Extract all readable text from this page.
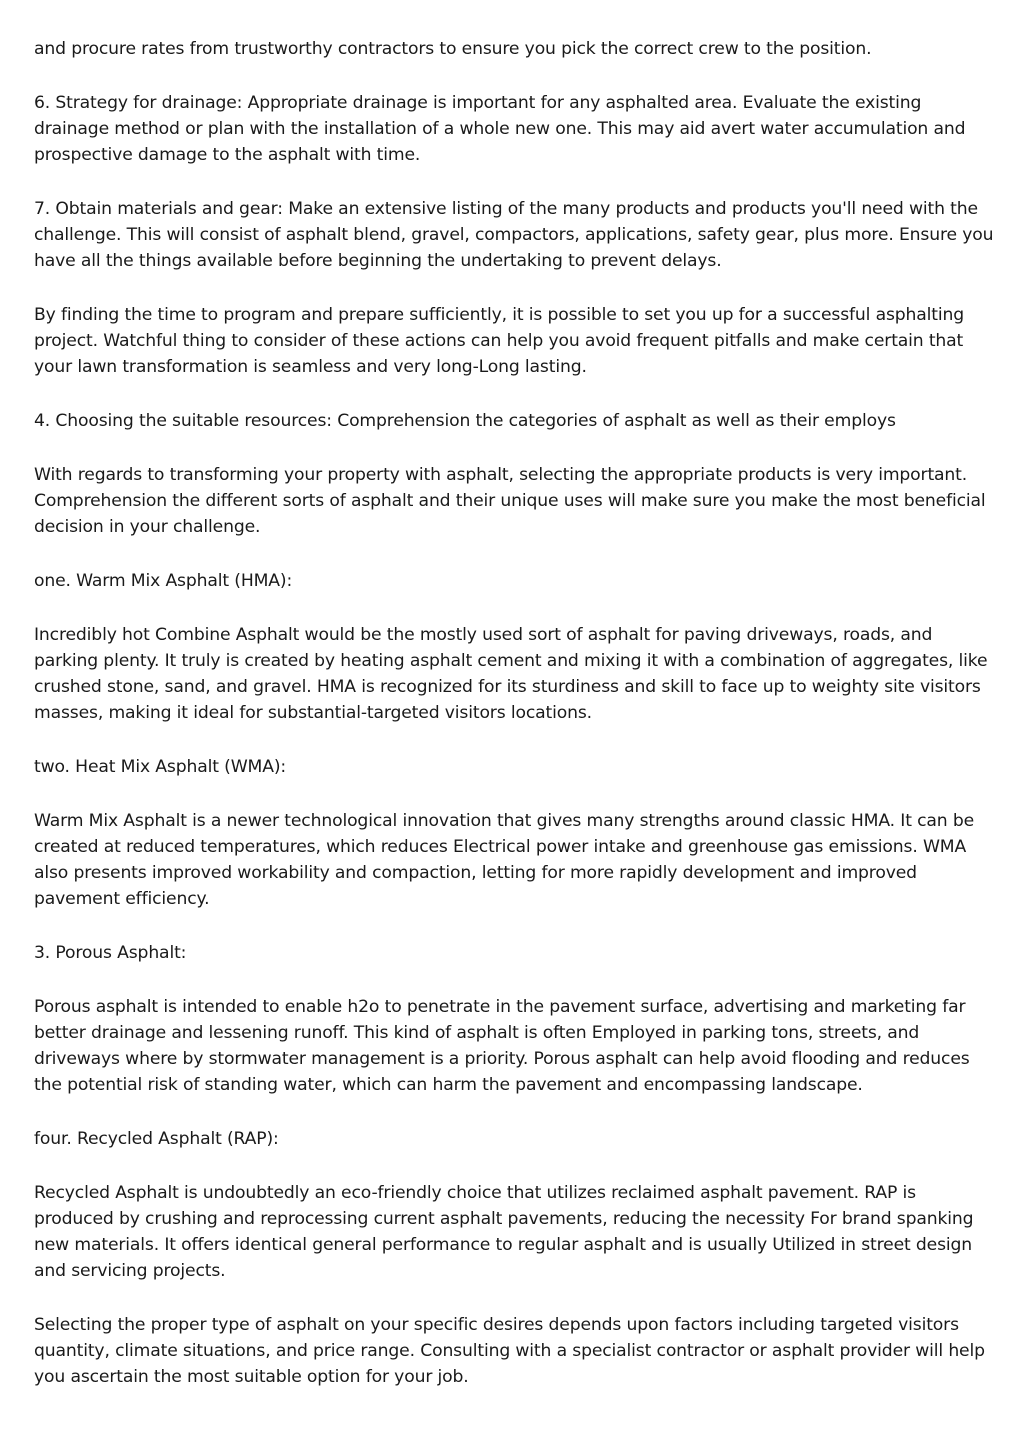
and procure rates from trustworthy contractors to ensure you pick the correct crew to the position.

6. Strategy for drainage: Appropriate drainage is important for any asphalted area. Evaluate the existing drainage method or plan with the installation of a whole new one. This may aid avert water accumulation and prospective damage to the asphalt with time.

7. Obtain materials and gear: Make an extensive listing of the many products and products you'll need with the challenge. This will consist of asphalt blend, gravel, compactors, applications, safety gear, plus more. Ensure you have all the things available before beginning the undertaking to prevent delays.

By finding the time to program and prepare sufficiently, it is possible to set you up for a successful asphalting project. Watchful thing to consider of these actions can help you avoid frequent pitfalls and make certain that your lawn transformation is seamless and very long-Long lasting.

4. Choosing the suitable resources: Comprehension the categories of asphalt as well as their employs

With regards to transforming your property with asphalt, selecting the appropriate products is very important. Comprehension the different sorts of asphalt and their unique uses will make sure you make the most beneficial decision in your challenge.

one. Warm Mix Asphalt (HMA):

Incredibly hot Combine Asphalt would be the mostly used sort of asphalt for paving driveways, roads, and parking plenty. It truly is created by heating asphalt cement and mixing it with a combination of aggregates, like crushed stone, sand, and gravel. HMA is recognized for its sturdiness and skill to face up to weighty site visitors masses, making it ideal for substantial-targeted visitors locations.

two. Heat Mix Asphalt (WMA):

Warm Mix Asphalt is a newer technological innovation that gives many strengths around classic HMA. It can be created at reduced temperatures, which reduces Electrical power intake and greenhouse gas emissions. WMA also presents improved workability and compaction, letting for more rapidly development and improved pavement efficiency.

3. Porous Asphalt:

Porous asphalt is intended to enable h2o to penetrate in the pavement surface, advertising and marketing far better drainage and lessening runoff. This kind of asphalt is often Employed in parking tons, streets, and driveways where by stormwater management is a priority. Porous asphalt can help avoid flooding and reduces the potential risk of standing water, which can harm the pavement and encompassing landscape.

four. Recycled Asphalt (RAP):

Recycled Asphalt is undoubtedly an eco-friendly choice that utilizes reclaimed asphalt pavement. RAP is produced by crushing and reprocessing current asphalt pavements, reducing the necessity For brand spanking new materials. It offers identical general performance to regular asphalt and is usually Utilized in street design and servicing projects.

Selecting the proper type of asphalt on your specific desires depends upon factors including targeted visitors quantity, climate situations, and price range. Consulting with a specialist contractor or asphalt provider will help you ascertain the most suitable option for your job.
